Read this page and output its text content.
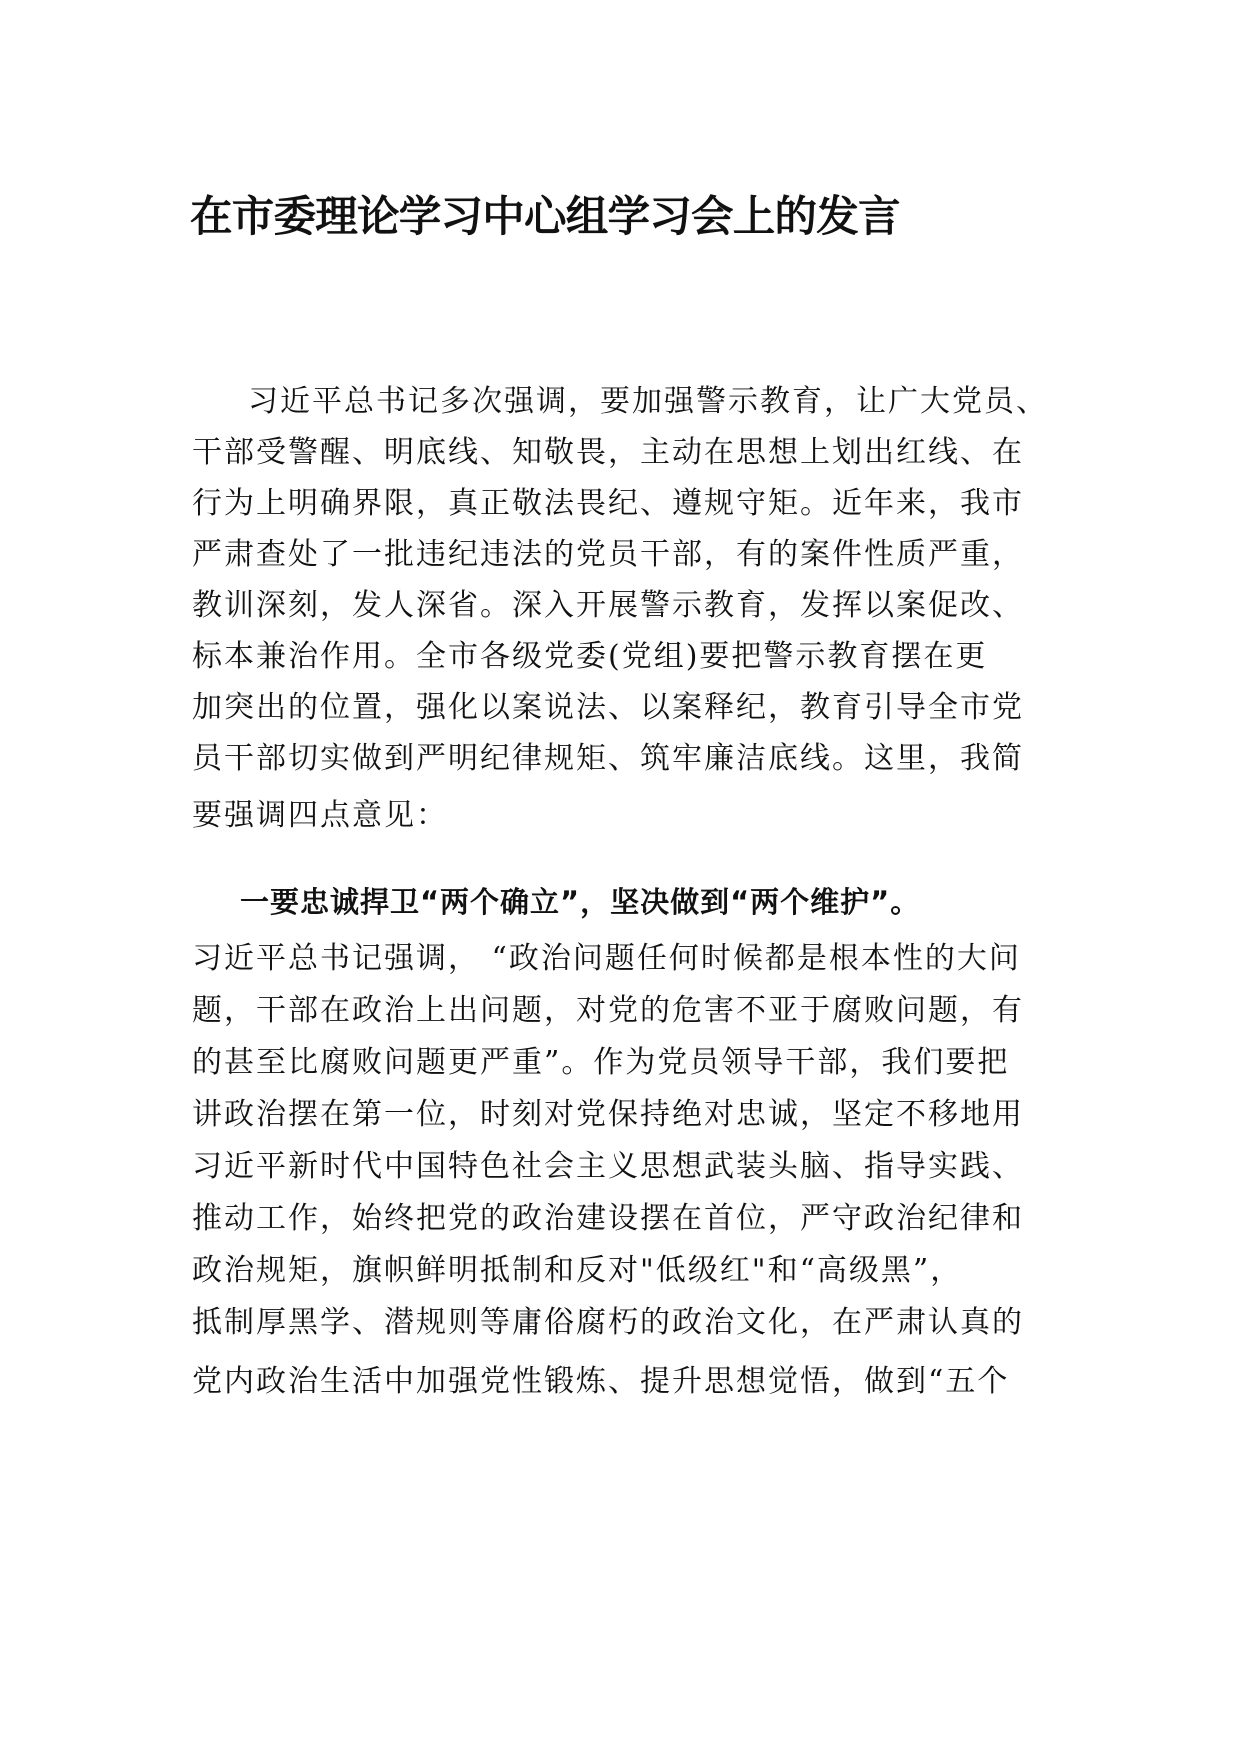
在市委理论学习中心组学习会上的发言
习近平总书记多次强调，要加强警示教育，让广大党员、
干部受警醒、明底线、知敬畏，主动在思想上划出红线、在
行为上明确界限，真正敬法畏纪、遵规守矩。近年来，我市
严肃查处了一批违纪违法的党员干部，有的案件性质严重，
教训深刻，发人深省。深入开展警示教育，发挥以案促改、
标本兼治作用。全市各级党委(党组)要把警示教育摆在更
加突出的位置，强化以案说法、以案释纪，教育引导全市党
员干部切实做到严明纪律规矩、筑牢廉洁底线。这里，我简
要强调四点意见：
一要忠诚捍卫“两个确立”，坚决做到“两个维护”。
习近平总书记强调， “政治问题任何时候都是根本性的大问
题，干部在政治上出问题，对党的危害不亚于腐败问题，有
的甚至比腐败问题更严重”。作为党员领导干部，我们要把
讲政治摆在第一位，时刻对党保持绝对忠诚，坚定不移地用
习近平新时代中国特色社会主义思想武装头脑、指导实践、
推动工作，始终把党的政治建设摆在首位，严守政治纪律和
政治规矩，旗帜鲜明抵制和反对"低级红"和“高级黑”，
抵制厚黑学、潜规则等庸俗腐朽的政治文化，在严肃认真的
党内政治生活中加强党性锻炼、提升思想觉悟，做到“五个
